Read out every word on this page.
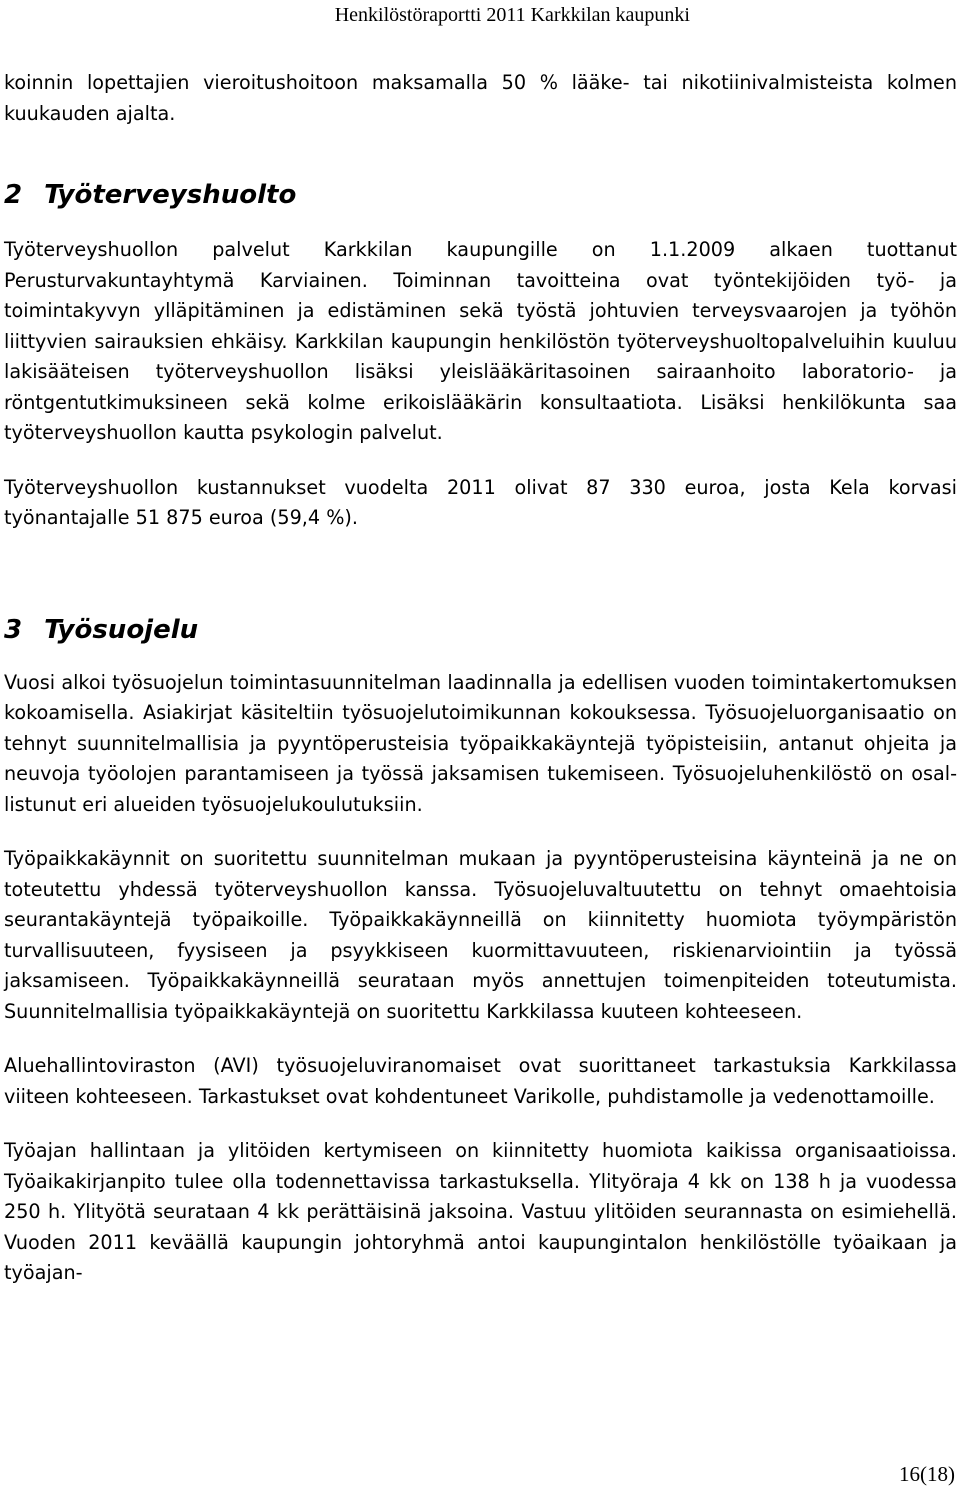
Henkilöstöraportti 2011 Karkkilan kaupunki

koinnin lopettajien vieroitushoitoon maksamalla 50 % lääke- tai nikotiinivalmisteista kolmen kuukauden ajalta.

2 Työterveyshuolto

Työterveyshuollon palvelut Karkkilan kaupungille on 1.1.2009 alkaen tuottanut Perusturvakuntayhtymä Karviainen. Toiminnan tavoitteina ovat työntekijöiden työ- ja toimintakyvyn ylläpitäminen ja edistäminen sekä työstä johtuvien terveysvaarojen ja työhön liittyvien sairauksien ehkäisy. Karkkilan kaupungin henkilöstön työterveyshuoltopalveluihin kuuluu lakisääteisen työterveyshuollon lisäksi yleislääkäritasoinen sairaanhoito laboratorio- ja röntgentutkimuksineen sekä kolme erikoislääkärin konsultaatiota. Lisäksi henkilökunta saa työterveyshuollon kautta psykologin palvelut.

Työterveyshuollon kustannukset vuodelta 2011 olivat 87 330 euroa, josta Kela korvasi työnantajalle 51 875 euroa (59,4 %).

3 Työsuojelu

Vuosi alkoi työsuojelun toimintasuunnitelman laadinnalla ja edellisen vuoden toimintakertomuksen kokoamisella. Asiakirjat käsiteltiin työsuojelutoimikunnan kokouksessa. Työsuojeluorganisaatio on tehnyt suunnitelmallisia ja pyyntöperusteisia työpaikkakäyntejä työpisteisiin, antanut ohjeita ja neuvoja työolojen parantamiseen ja työssä jaksamisen tukemiseen. Työsuojeluhenkilöstö on osallistunut eri alueiden työsuojelukoulutuksiin.

Työpaikkakäynnit on suoritettu suunnitelman mukaan ja pyyntöperusteisina käynteinä ja ne on toteutettu yhdessä työterveyshuollon kanssa. Työsuojeluvaltuutettu on tehnyt omaehtoisia seurantakäyntejä työpaikoille. Työpaikkakäynneillä on kiinnitetty huomiota työympäristön turvallisuuteen, fyysiseen ja psyykkiseen kuormittavuuteen, riskienarviointiin ja työssä jaksamiseen. Työpaikkakäynneillä seurataan myös annettujen toimenpiteiden toteutumista. Suunnitelmallisia työpaikkakäyntejä on suoritettu Karkkilassa kuuteen kohteeseen.

Aluehallintoviraston (AVI) työsuojeluviranomaiset ovat suorittaneet tarkastuksia Karkkilassa viiteen kohteeseen. Tarkastukset ovat kohdentuneet Varikolle, puhdistamolle ja vedenottamoille.

Työajan hallintaan ja ylitöiden kertymiseen on kiinnitetty huomiota kaikissa organisaatioissa. Työaikakirjanpito tulee olla todennettavissa tarkastuksella. Ylityöraja 4 kk on 138 h ja vuodessa 250 h. Ylityötä seurataan 4 kk perättäisinä jaksoina. Vastuu ylitöiden seurannasta on esimiehellä. Vuoden 2011 keväällä kaupungin johtoryhmä antoi kaupungintalon henkilöstölle työaikaan ja työajan-

16(18)
